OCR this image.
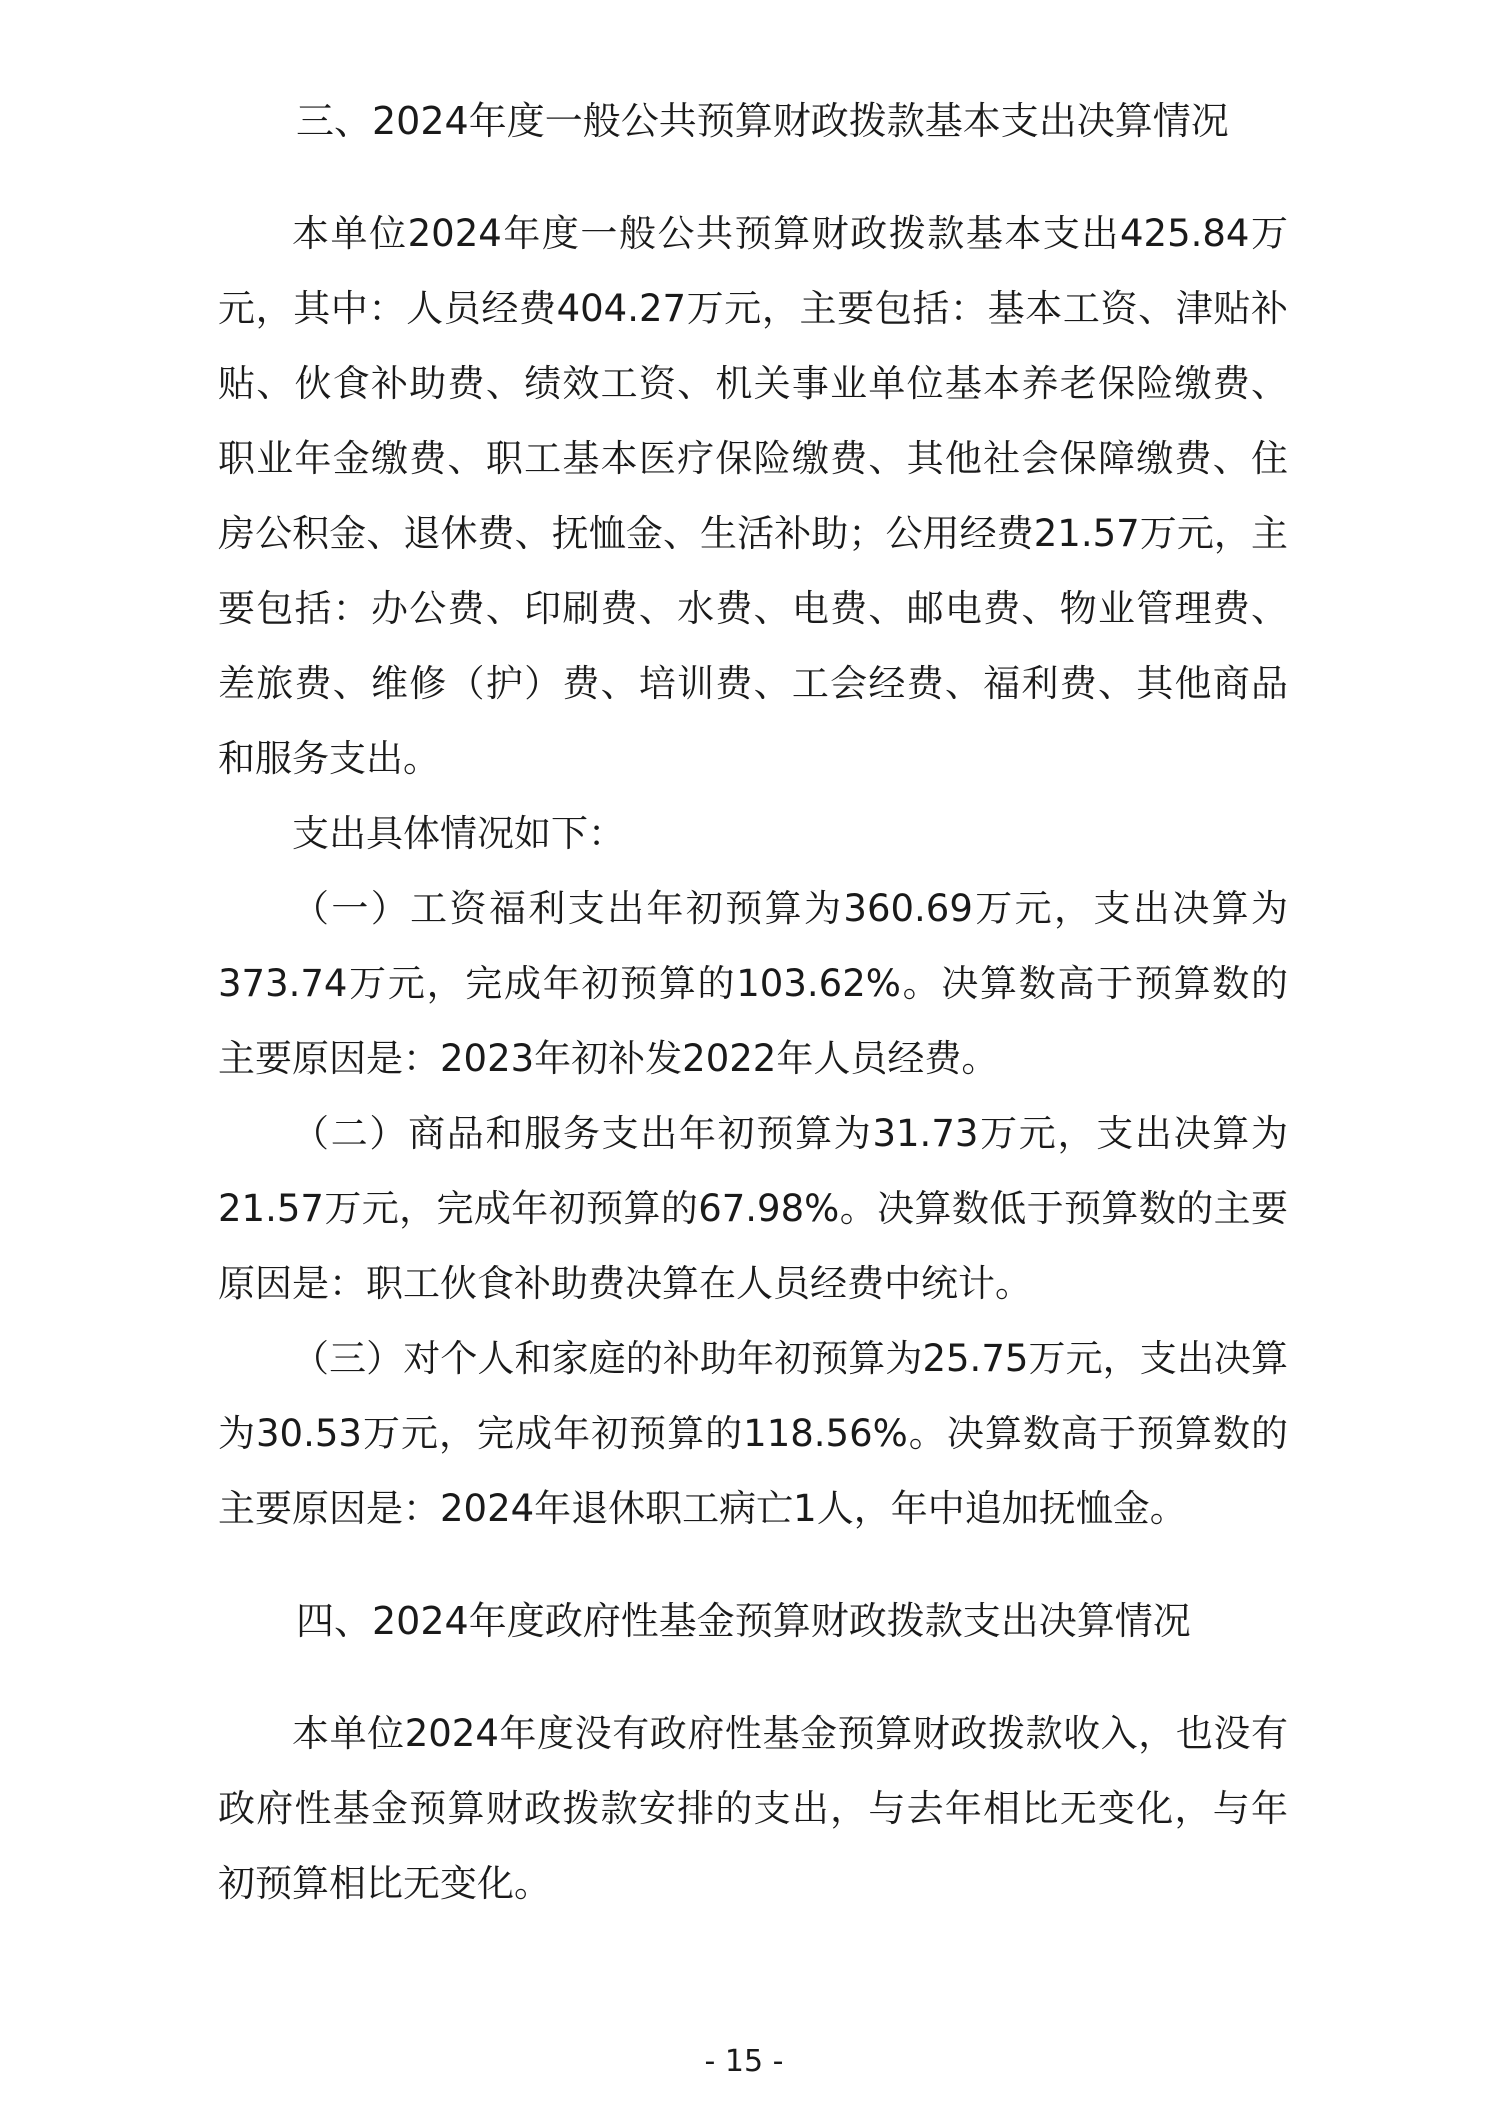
三、2024年度一般公共预算财政拨款基本支出决算情况

本单位2024年度一般公共预算财政拨款基本支出425.84万元，其中：人员经费404.27万元，主要包括：基本工资、津贴补贴、伙食补助费、绩效工资、机关事业单位基本养老保险缴费、职业年金缴费、职工基本医疗保险缴费、其他社会保障缴费、住房公积金、退休费、抚恤金、生活补助；公用经费21.57万元，主要包括：办公费、印刷费、水费、电费、邮电费、物业管理费、差旅费、维修（护）费、培训费、工会经费、福利费、其他商品和服务支出。

支出具体情况如下：

（一）工资福利支出年初预算为360.69万元，支出决算为373.74万元，完成年初预算的103.62%。决算数高于预算数的主要原因是：2023年初补发2022年人员经费。

（二）商品和服务支出年初预算为31.73万元，支出决算为21.57万元，完成年初预算的67.98%。决算数低于预算数的主要原因是：职工伙食补助费决算在人员经费中统计。

（三）对个人和家庭的补助年初预算为25.75万元，支出决算为30.53万元，完成年初预算的118.56%。决算数高于预算数的主要原因是：2024年退休职工病亡1人，年中追加抚恤金。

四、2024年度政府性基金预算财政拨款支出决算情况

本单位2024年度没有政府性基金预算财政拨款收入，也没有政府性基金预算财政拨款安排的支出，与去年相比无变化，与年初预算相比无变化。

- 15 -
